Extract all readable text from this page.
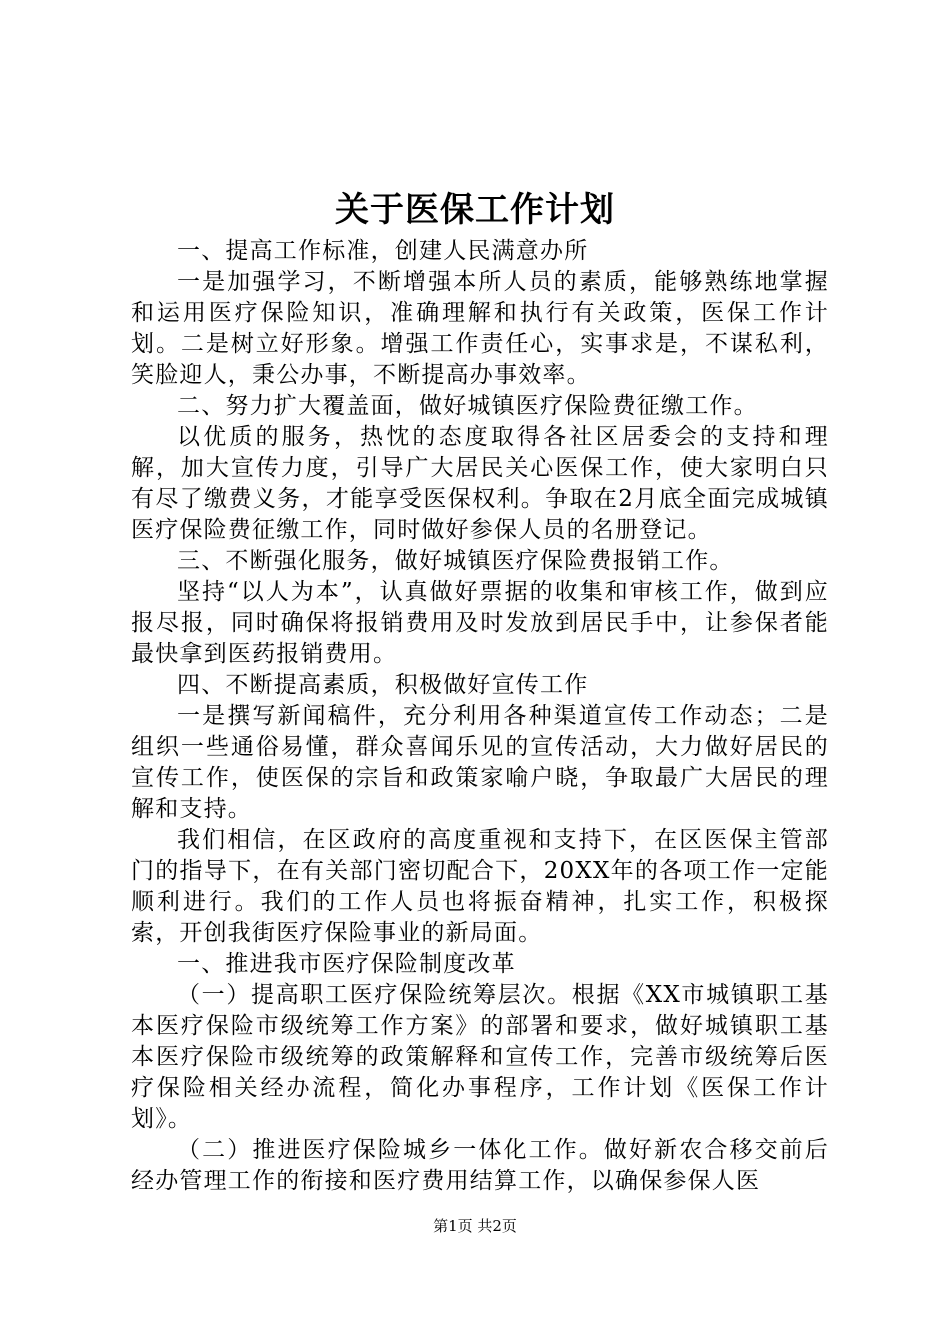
关于医保工作计划

一、提高工作标准，创建人民满意办所

一是加强学习，不断增强本所人员的素质，能够熟练地掌握和运用医疗保险知识，准确理解和执行有关政策，医保工作计划。二是树立好形象。增强工作责任心，实事求是，不谋私利，笑脸迎人，秉公办事，不断提高办事效率。

二、努力扩大覆盖面，做好城镇医疗保险费征缴工作。

以优质的服务，热忱的态度取得各社区居委会的支持和理解，加大宣传力度，引导广大居民关心医保工作，使大家明白只有尽了缴费义务，才能享受医保权利。争取在2月底全面完成城镇医疗保险费征缴工作，同时做好参保人员的名册登记。

三、不断强化服务，做好城镇医疗保险费报销工作。

坚持“以人为本”，认真做好票据的收集和审核工作，做到应报尽报，同时确保将报销费用及时发放到居民手中，让参保者能最快拿到医药报销费用。

四、不断提高素质，积极做好宣传工作

一是撰写新闻稿件，充分利用各种渠道宣传工作动态；二是组织一些通俗易懂，群众喜闻乐见的宣传活动，大力做好居民的宣传工作，使医保的宗旨和政策家喻户晓，争取最广大居民的理解和支持。

我们相信，在区政府的高度重视和支持下，在区医保主管部门的指导下，在有关部门密切配合下，20XX年的各项工作一定能顺利进行。我们的工作人员也将振奋精神，扎实工作，积极探索，开创我街医疗保险事业的新局面。

一、推进我市医疗保险制度改革

（一）提高职工医疗保险统筹层次。根据《XX市城镇职工基本医疗保险市级统筹工作方案》的部署和要求，做好城镇职工基本医疗保险市级统筹的政策解释和宣传工作，完善市级统筹后医疗保险相关经办流程，简化办事程序，工作计划《医保工作计划》。

（二）推进医疗保险城乡一体化工作。做好新农合移交前后经办管理工作的衔接和医疗费用结算工作，以确保参保人医

第1页 共2页
